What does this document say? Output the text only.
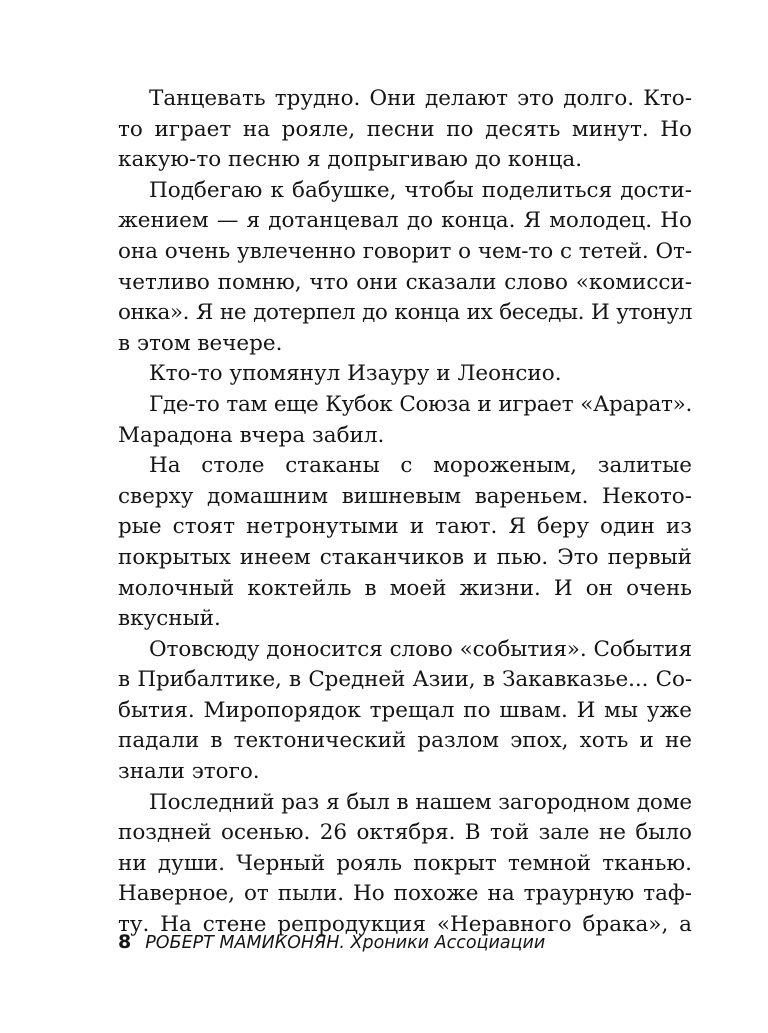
Танцевать трудно. Они делают это долго. Кто-
то играет на рояле, песни по десять минут. Но
какую-то песню я допрыгиваю до конца.
Подбегаю к бабушке, чтобы поделиться дости-
жением — я дотанцевал до конца. Я молодец. Но
она очень увлеченно говорит о чем-то с тетей. От-
четливо помню, что они сказали слово «комисси-
онка». Я не дотерпел до конца их беседы. И утонул
в этом вечере.
Кто-то упомянул Изауру и Леонсио.
Где-то там еще Кубок Союза и играет «Арарат».
Марадона вчера забил.
На столе стаканы с мороженым, залитые
сверху домашним вишневым вареньем. Некото-
рые стоят нетронутыми и тают. Я беру один из
покрытых инеем стаканчиков и пью. Это первый
молочный коктейль в моей жизни. И он очень
вкусный.
Отовсюду доносится слово «события». События
в Прибалтике, в Средней Азии, в Закавказье... Со-
бытия. Миропорядок трещал по швам. И мы уже
падали в тектонический разлом эпох, хоть и не
знали этого.
Последний раз я был в нашем загородном доме
поздней осенью. 26 октября. В той зале не было
ни души. Черный рояль покрыт темной тканью.
Наверное, от пыли. Но похоже на траурную таф-
ту. На стене репродукция «Неравного брака», а
8 РОБЕРТ МАМИКОНЯН. Хроники Ассоциации
